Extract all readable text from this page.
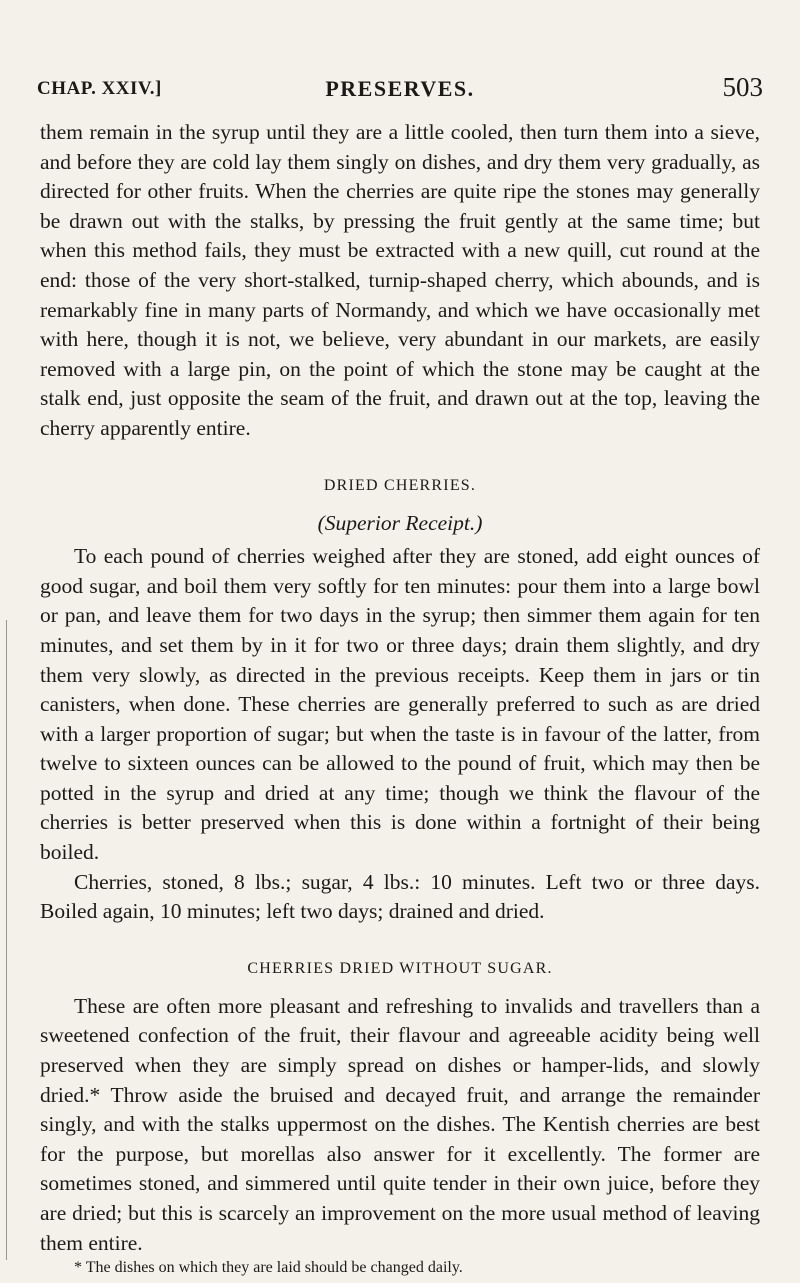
CHAP. XXIV.]	PRESERVES.	503

them remain in the syrup until they are a little cooled, then turn them into a sieve, and before they are cold lay them singly on dishes, and dry them very gradually, as directed for other fruits. When the cherries are quite ripe the stones may generally be drawn out with the stalks, by pressing the fruit gently at the same time; but when this method fails, they must be extracted with a new quill, cut round at the end: those of the very short-stalked, turnip-shaped cherry, which abounds, and is remarkably fine in many parts of Normandy, and which we have occasionally met with here, though it is not, we believe, very abundant in our markets, are easily removed with a large pin, on the point of which the stone may be caught at the stalk end, just opposite the seam of the fruit, and drawn out at the top, leaving the cherry apparently entire.

DRIED CHERRIES.
(Superior Receipt.)

To each pound of cherries weighed after they are stoned, add eight ounces of good sugar, and boil them very softly for ten minutes: pour them into a large bowl or pan, and leave them for two days in the syrup; then simmer them again for ten minutes, and set them by in it for two or three days; drain them slightly, and dry them very slowly, as directed in the previous receipts. Keep them in jars or tin canisters, when done. These cherries are generally preferred to such as are dried with a larger proportion of sugar; but when the taste is in favour of the latter, from twelve to sixteen ounces can be allowed to the pound of fruit, which may then be potted in the syrup and dried at any time; though we think the flavour of the cherries is better preserved when this is done within a fortnight of their being boiled.

Cherries, stoned, 8 lbs.; sugar, 4 lbs.: 10 minutes. Left two or three days. Boiled again, 10 minutes; left two days; drained and dried.

CHERRIES DRIED WITHOUT SUGAR.

These are often more pleasant and refreshing to invalids and travellers than a sweetened confection of the fruit, their flavour and agreeable acidity being well preserved when they are simply spread on dishes or hamper-lids, and slowly dried.* Throw aside the bruised and decayed fruit, and arrange the remainder singly, and with the stalks uppermost on the dishes. The Kentish cherries are best for the purpose, but morellas also answer for it excellently. The former are sometimes stoned, and simmered until quite tender in their own juice, before they are dried; but this is scarcely an improvement on the more usual method of leaving them entire.

* The dishes on which they are laid should be changed daily.
